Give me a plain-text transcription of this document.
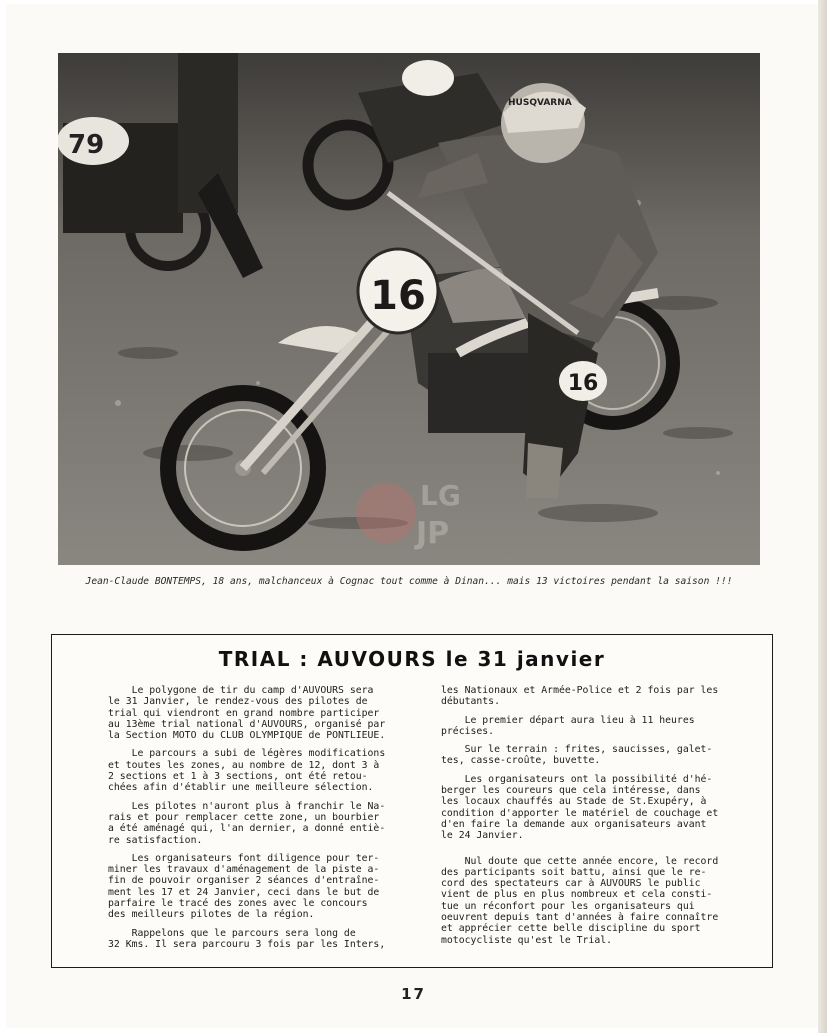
79
HUSQVARNA
16
16
LG
JP
Jean-Claude BONTEMPS, 18 ans, malchanceux à Cognac tout comme à Dinan... mais 13 victoires pendant la saison !!!
TRIAL : AUVOURS le 31 janvier

Le polygone de tir du camp d'AUVOURS sera
le 31 Janvier, le rendez-vous des pilotes de
trial qui viendront en grand nombre participer
au 13ème trial national d'AUVOURS, organisé par
la Section MOTO du CLUB OLYMPIQUE de PONTLIEUE.

Le parcours a subi de légères modifications
et toutes les zones, au nombre de 12, dont 3 à
2 sections et 1 à 3 sections, ont été retou-
chées afin d'établir une meilleure sélection.

Les pilotes n'auront plus à franchir le Na-
rais et pour remplacer cette zone, un bourbier
a été aménagé qui, l'an dernier, a donné entiè-
re satisfaction.

Les organisateurs font diligence pour ter-
miner les travaux d'aménagement de la piste a-
fin de pouvoir organiser 2 séances d'entraîne-
ment les 17 et 24 Janvier, ceci dans le but de
parfaire le tracé des zones avec le concours
des meilleurs pilotes de la région.

Rappelons que le parcours sera long de
32 Kms. Il sera parcouru 3 fois par les Inters,

les Nationaux et Armée-Police et 2 fois par les
débutants.

Le premier départ aura lieu à 11 heures
précises.

Sur le terrain : frites, saucisses, galet-
tes, casse-croûte, buvette.

Les organisateurs ont la possibilité d'hé-
berger les coureurs que cela intéresse, dans
les locaux chauffés au Stade de St.Exupéry, à
condition d'apporter le matériel de couchage et
d'en faire la demande aux organisateurs avant
le 24 Janvier.

Nul doute que cette année encore, le record
des participants soit battu, ainsi que le re-
cord des spectateurs car à AUVOURS le public
vient de plus en plus nombreux et cela consti-
tue un réconfort pour les organisateurs qui
oeuvrent depuis tant d'années à faire connaître
et apprécier cette belle discipline du sport
motocycliste qu'est le Trial.

17
